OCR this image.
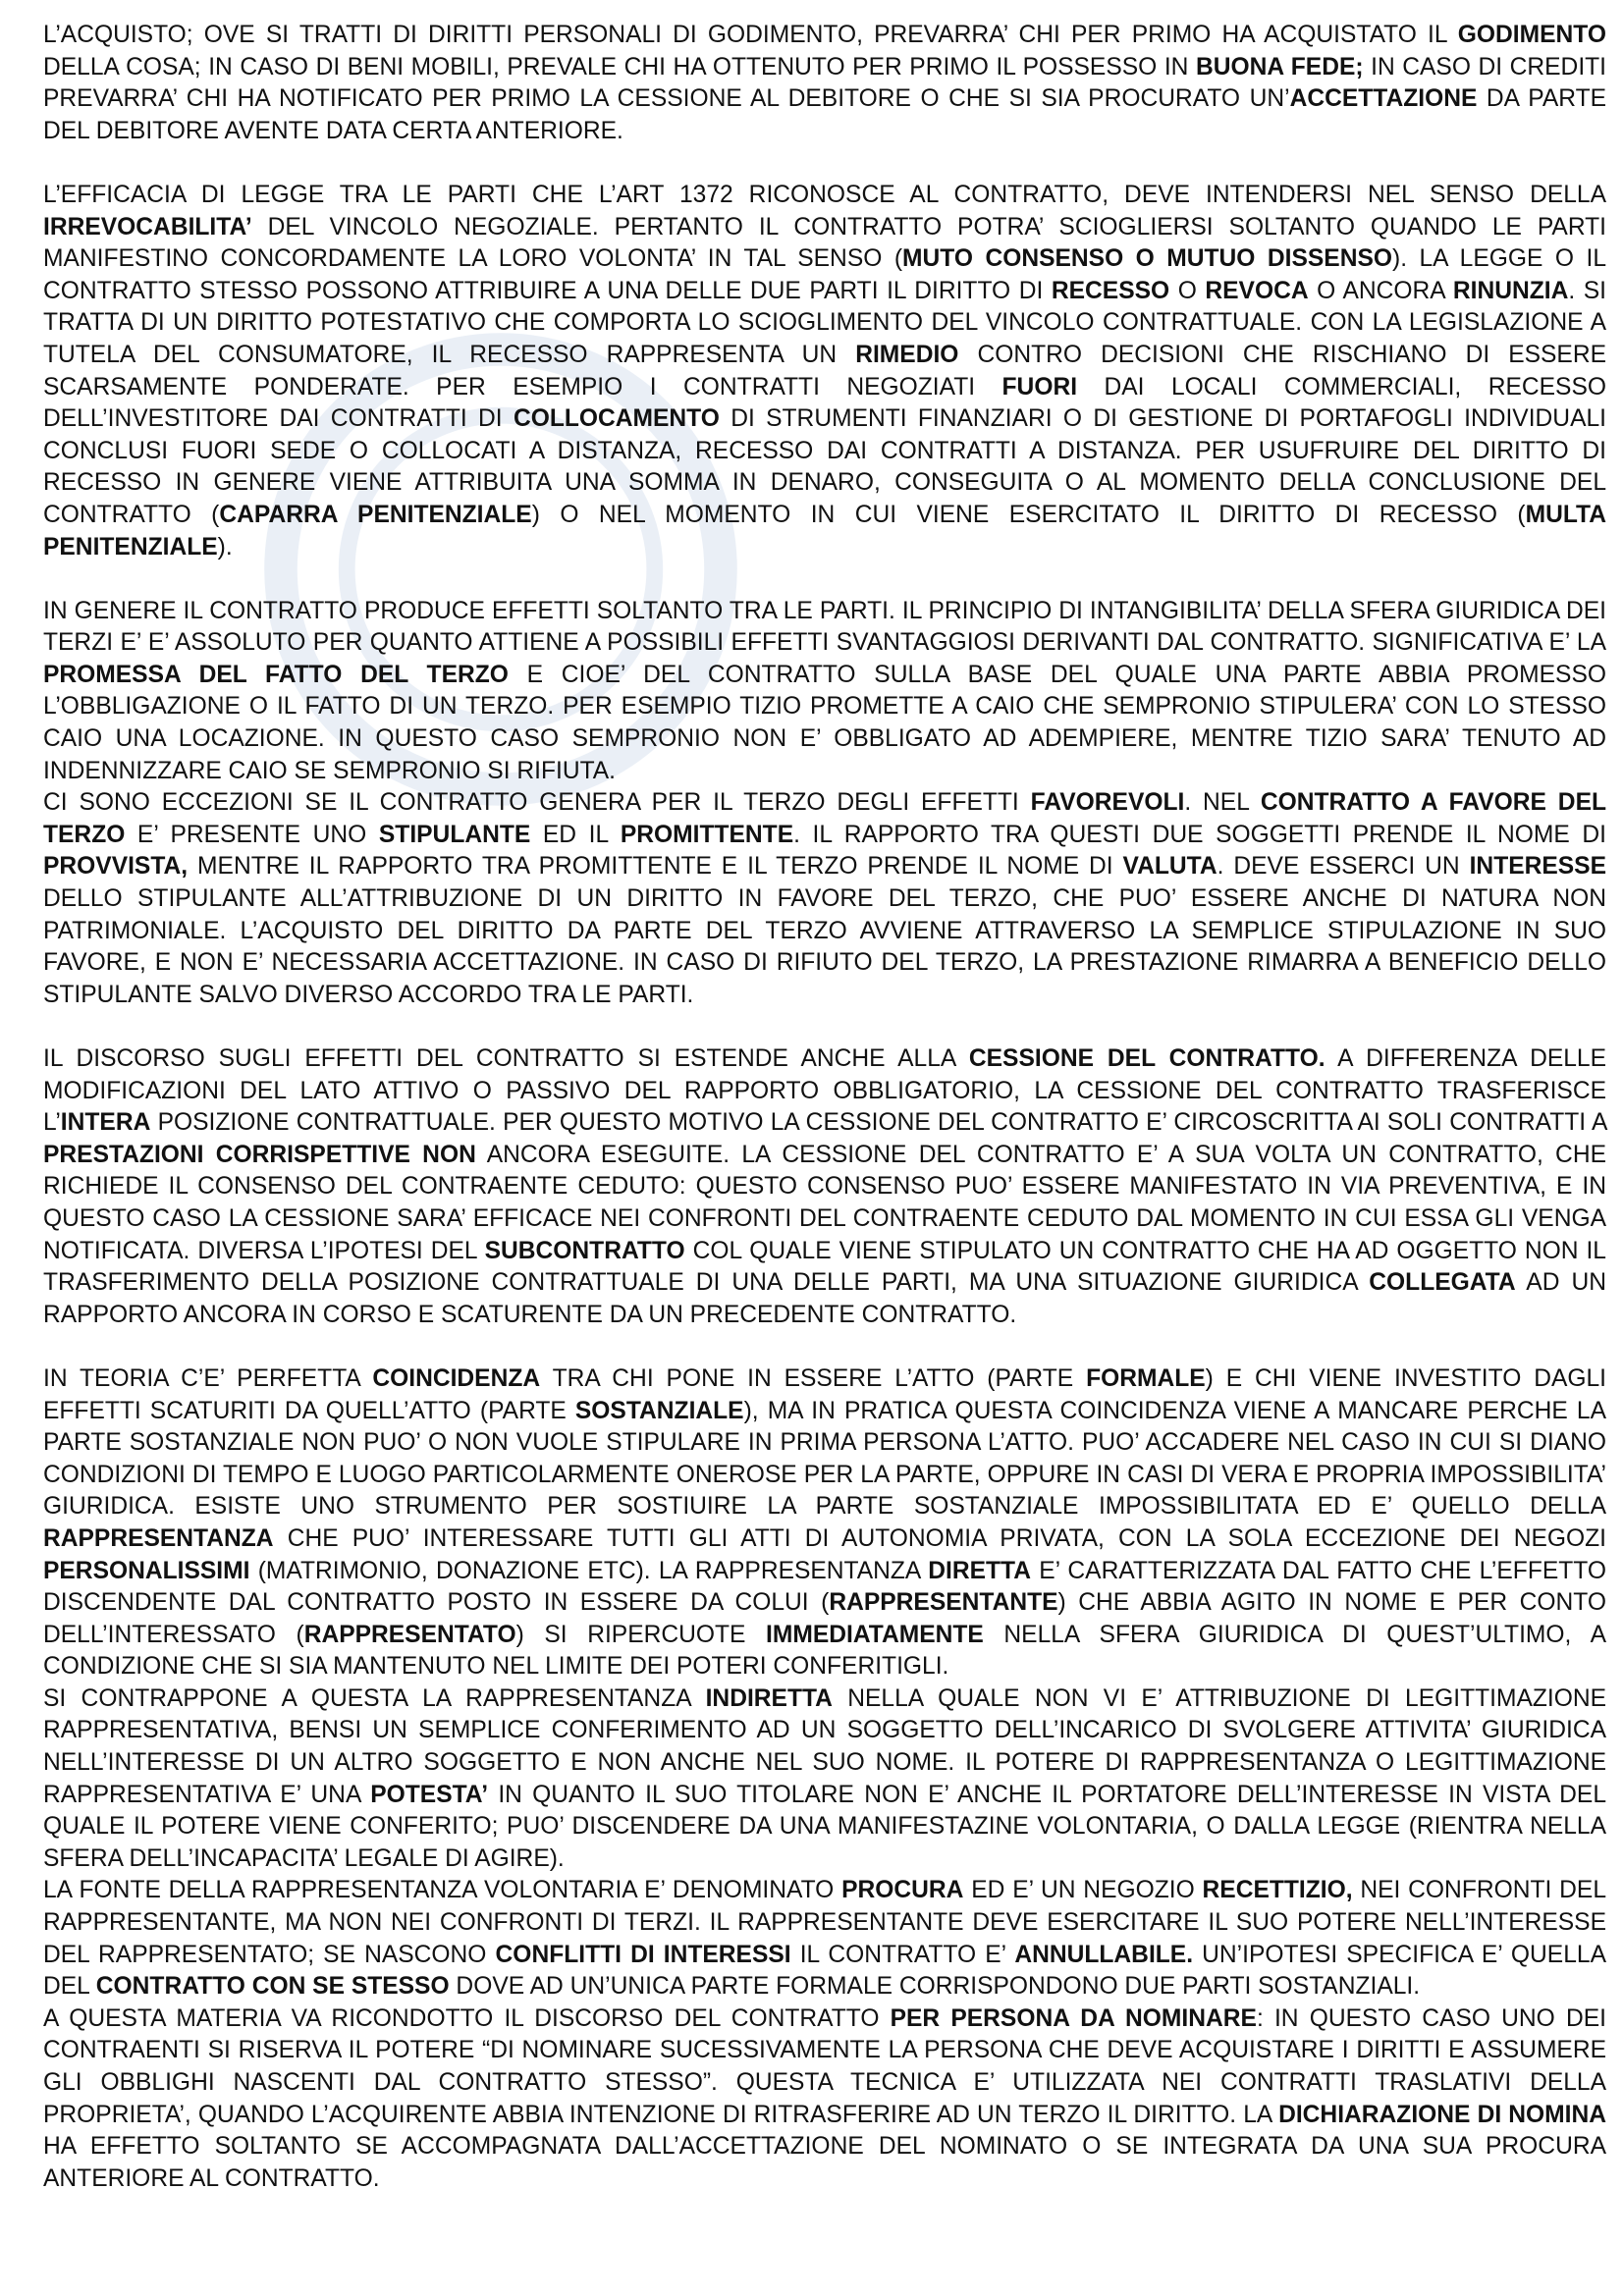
L’ACQUISTO; OVE SI TRATTI DI DIRITTI PERSONALI DI GODIMENTO, PREVARRA’ CHI PER PRIMO HA ACQUISTATO IL GODIMENTO DELLA COSA; IN CASO DI BENI MOBILI, PREVALE CHI HA OTTENUTO PER PRIMO IL POSSESSO IN BUONA FEDE; IN CASO DI CREDITI PREVARRA’ CHI HA NOTIFICATO PER PRIMO LA CESSIONE AL DEBITORE O CHE SI SIA PROCURATO UN’ACCETTAZIONE DA PARTE DEL DEBITORE AVENTE DATA CERTA ANTERIORE.

L’EFFICACIA DI LEGGE TRA LE PARTI CHE L’ART 1372 RICONOSCE AL CONTRATTO, DEVE INTENDERSI NEL SENSO DELLA IRREVOCABILITA’ DEL VINCOLO NEGOZIALE. PERTANTO IL CONTRATTO POTRA’ SCIOGLIERSI SOLTANTO QUANDO LE PARTI MANIFESTINO CONCORDAMENTE LA LORO VOLONTA’ IN TAL SENSO (MUTO CONSENSO O MUTUO DISSENSO). LA LEGGE O IL CONTRATTO STESSO POSSONO ATTRIBUIRE A UNA DELLE DUE PARTI IL DIRITTO DI RECESSO O REVOCA O ANCORA RINUNZIA. SI TRATTA DI UN DIRITTO POTESTATIVO CHE COMPORTA LO SCIOGLIMENTO DEL VINCOLO CONTRATTUALE. CON LA LEGISLAZIONE A TUTELA DEL CONSUMATORE, IL RECESSO RAPPRESENTA UN RIMEDIO CONTRO DECISIONI CHE RISCHIANO DI ESSERE SCARSAMENTE PONDERATE. PER ESEMPIO I CONTRATTI NEGOZIATI FUORI DAI LOCALI COMMERCIALI, RECESSO DELL’INVESTITORE DAI CONTRATTI DI COLLOCAMENTO DI STRUMENTI FINANZIARI O DI GESTIONE DI PORTAFOGLI INDIVIDUALI CONCLUSI FUORI SEDE O COLLOCATI A DISTANZA, RECESSO DAI CONTRATTI A DISTANZA. PER USUFRUIRE DEL DIRITTO DI RECESSO IN GENERE VIENE ATTRIBUITA UNA SOMMA IN DENARO, CONSEGUITA O AL MOMENTO DELLA CONCLUSIONE DEL CONTRATTO (CAPARRA PENITENZIALE) O NEL MOMENTO IN CUI VIENE ESERCITATO IL DIRITTO DI RECESSO (MULTA PENITENZIALE).

IN GENERE IL CONTRATTO PRODUCE EFFETTI SOLTANTO TRA LE PARTI. IL PRINCIPIO DI INTANGIBILITA’ DELLA SFERA GIURIDICA DEI TERZI E’ E’ ASSOLUTO PER QUANTO ATTIENE A POSSIBILI EFFETTI SVANTAGGIOSI DERIVANTI DAL CONTRATTO. SIGNIFICATIVA E’ LA PROMESSA DEL FATTO DEL TERZO E CIOE’ DEL CONTRATTO SULLA BASE DEL QUALE UNA PARTE ABBIA PROMESSO L’OBBLIGAZIONE O IL FATTO DI UN TERZO. PER ESEMPIO TIZIO PROMETTE A CAIO CHE SEMPRONIO STIPULERA’ CON LO STESSO CAIO UNA LOCAZIONE. IN QUESTO CASO SEMPRONIO NON E’ OBBLIGATO AD ADEMPIERE, MENTRE TIZIO SARA’ TENUTO AD INDENNIZZARE CAIO SE SEMPRONIO SI RIFIUTA.

CI SONO ECCEZIONI SE IL CONTRATTO GENERA PER IL TERZO DEGLI EFFETTI FAVOREVOLI. NEL CONTRATTO A FAVORE DEL TERZO E’ PRESENTE UNO STIPULANTE ED IL PROMITTENTE. IL RAPPORTO TRA QUESTI DUE SOGGETTI PRENDE IL NOME DI PROVVISTA, MENTRE IL RAPPORTO TRA PROMITTENTE E IL TERZO PRENDE IL NOME DI VALUTA. DEVE ESSERCI UN INTERESSE DELLO STIPULANTE ALL’ATTRIBUZIONE DI UN DIRITTO IN FAVORE DEL TERZO, CHE PUO’ ESSERE ANCHE DI NATURA NON PATRIMONIALE. L’ACQUISTO DEL DIRITTO DA PARTE DEL TERZO AVVIENE ATTRAVERSO LA SEMPLICE STIPULAZIONE IN SUO FAVORE, E NON E’ NECESSARIA ACCETTAZIONE. IN CASO DI RIFIUTO DEL TERZO, LA PRESTAZIONE RIMARRA A BENEFICIO DELLO STIPULANTE SALVO DIVERSO ACCORDO TRA LE PARTI.

IL DISCORSO SUGLI EFFETTI DEL CONTRATTO SI ESTENDE ANCHE ALLA CESSIONE DEL CONTRATTO. A DIFFERENZA DELLE MODIFICAZIONI DEL LATO ATTIVO O PASSIVO DEL RAPPORTO OBBLIGATORIO, LA CESSIONE DEL CONTRATTO TRASFERISCE L’INTERA POSIZIONE CONTRATTUALE. PER QUESTO MOTIVO LA CESSIONE DEL CONTRATTO E’ CIRCOSCRITTA AI SOLI CONTRATTI A PRESTAZIONI CORRISPETTIVE NON ANCORA ESEGUITE. LA CESSIONE DEL CONTRATTO E’ A SUA VOLTA UN CONTRATTO, CHE RICHIEDE IL CONSENSO DEL CONTRAENTE CEDUTO: QUESTO CONSENSO PUO’ ESSERE MANIFESTATO IN VIA PREVENTIVA, E IN QUESTO CASO LA CESSIONE SARA’ EFFICACE NEI CONFRONTI DEL CONTRAENTE CEDUTO DAL MOMENTO IN CUI ESSA GLI VENGA NOTIFICATA. DIVERSA L’IPOTESI DEL SUBCONTRATTO COL QUALE VIENE STIPULATO UN CONTRATTO CHE HA AD OGGETTO NON IL TRASFERIMENTO DELLA POSIZIONE CONTRATTUALE DI UNA DELLE PARTI, MA UNA SITUAZIONE GIURIDICA COLLEGATA AD UN RAPPORTO ANCORA IN CORSO E SCATURENTE DA UN PRECEDENTE CONTRATTO.

IN TEORIA C’E’ PERFETTA COINCIDENZA TRA CHI PONE IN ESSERE L’ATTO (PARTE FORMALE) E CHI VIENE INVESTITO DAGLI EFFETTI SCATURITI DA QUELL’ATTO (PARTE SOSTANZIALE), MA IN PRATICA QUESTA COINCIDENZA VIENE A MANCARE PERCHE LA PARTE SOSTANZIALE NON PUO’ O NON VUOLE STIPULARE IN PRIMA PERSONA L’ATTO. PUO’ ACCADERE NEL CASO IN CUI SI DIANO CONDIZIONI DI TEMPO E LUOGO PARTICOLARMENTE ONEROSE PER LA PARTE, OPPURE IN CASI DI VERA E PROPRIA IMPOSSIBILITA’ GIURIDICA. ESISTE UNO STRUMENTO PER SOSTIUIRE LA PARTE SOSTANZIALE IMPOSSIBILITATA ED E’ QUELLO DELLA RAPPRESENTANZA CHE PUO’ INTERESSARE TUTTI GLI ATTI DI AUTONOMIA PRIVATA, CON LA SOLA ECCEZIONE DEI NEGOZI PERSONALISSIMI (MATRIMONIO, DONAZIONE ETC). LA RAPPRESENTANZA DIRETTA E’ CARATTERIZZATA DAL FATTO CHE L’EFFETTO DISCENDENTE DAL CONTRATTO POSTO IN ESSERE DA COLUI (RAPPRESENTANTE) CHE ABBIA AGITO IN NOME E PER CONTO DELL’INTERESSATO (RAPPRESENTATO) SI RIPERCUOTE IMMEDIATAMENTE NELLA SFERA GIURIDICA DI QUEST’ULTIMO, A CONDIZIONE CHE SI SIA MANTENUTO NEL LIMITE DEI POTERI CONFERITIGLI.

SI CONTRAPPONE A QUESTA LA RAPPRESENTANZA INDIRETTA NELLA QUALE NON VI E’ ATTRIBUZIONE DI LEGITTIMAZIONE RAPPRESENTATIVA, BENSI UN SEMPLICE CONFERIMENTO AD UN SOGGETTO DELL’INCARICO DI SVOLGERE ATTIVITA’ GIURIDICA NELL’INTERESSE DI UN ALTRO SOGGETTO E NON ANCHE NEL SUO NOME. IL POTERE DI RAPPRESENTANZA O LEGITTIMAZIONE RAPPRESENTATIVA E’ UNA POTESTA’ IN QUANTO IL SUO TITOLARE NON E’ ANCHE IL PORTATORE DELL’INTERESSE IN VISTA DEL QUALE IL POTERE VIENE CONFERITO; PUO’ DISCENDERE DA UNA MANIFESTAZINE VOLONTARIA, O DALLA LEGGE (RIENTRA NELLA SFERA DELL’INCAPACITA’ LEGALE DI AGIRE).

LA FONTE DELLA RAPPRESENTANZA VOLONTARIA E’ DENOMINATO PROCURA ED E’ UN NEGOZIO RECETTIZIO, NEI CONFRONTI DEL RAPPRESENTANTE, MA NON NEI CONFRONTI DI TERZI. IL RAPPRESENTANTE DEVE ESERCITARE IL SUO POTERE NELL’INTERESSE DEL RAPPRESENTATO; SE NASCONO CONFLITTI DI INTERESSI IL CONTRATTO E’ ANNULLABILE. UN’IPOTESI SPECIFICA E’ QUELLA DEL CONTRATTO CON SE STESSO DOVE AD UN’UNICA PARTE FORMALE CORRISPONDONO DUE PARTI SOSTANZIALI.

A QUESTA MATERIA VA RICONDOTTO IL DISCORSO DEL CONTRATTO PER PERSONA DA NOMINARE: IN QUESTO CASO UNO DEI CONTRAENTI SI RISERVA IL POTERE “DI NOMINARE SUCESSIVAMENTE LA PERSONA CHE DEVE ACQUISTARE I DIRITTI E ASSUMERE GLI OBBLIGHI NASCENTI DAL CONTRATTO STESSO”. QUESTA TECNICA E’ UTILIZZATA NEI CONTRATTI TRASLATIVI DELLA PROPRIETA’, QUANDO L’ACQUIRENTE ABBIA INTENZIONE DI RITRASFERIRE AD UN TERZO IL DIRITTO. LA DICHIARAZIONE DI NOMINA HA EFFETTO SOLTANTO SE ACCOMPAGNATA DALL’ACCETTAZIONE DEL NOMINATO O SE INTEGRATA DA UNA SUA PROCURA ANTERIORE AL CONTRATTO.
